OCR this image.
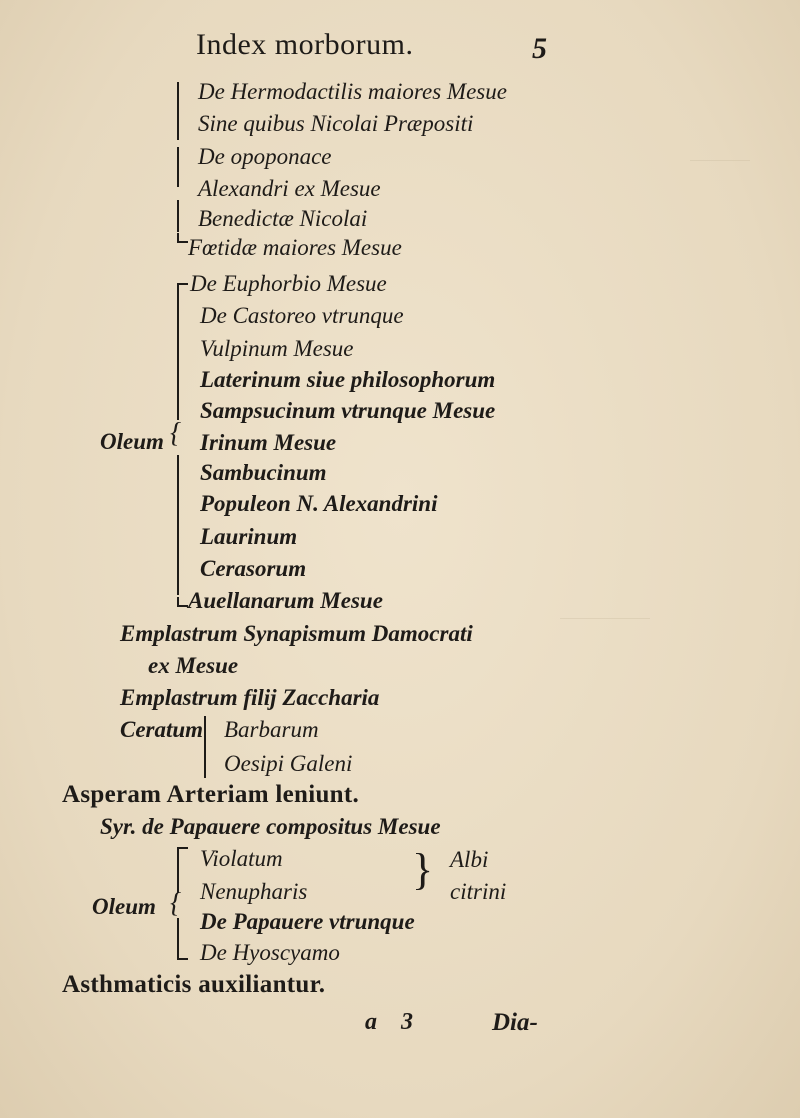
Index morborum.	5
De Hermodactilis maiores Mesue
Sine quibus Nicolai Præpositi
De opoponace
Alexandri ex Mesue
Benedictæ Nicolai
Fœtidæ maiores Mesue
{
Oleum
De Euphorbio Mesue
De Castoreo vtrunque
Vulpinum Mesue
Laterinum siue philosophorum
Sampsucinum vtrunque Mesue
Irinum Mesue
Sambucinum
Populeon N. Alexandrini
Laurinum
Cerasorum
Auellanarum Mesue
Emplastrum Synapismum Damocrati
ex Mesue
Emplastrum filij Zaccharia
Ceratum Barbarum
Oesipi Galeni
Asperam Arteriam leniunt.
Syr. de Papauere compositus Mesue
{
Oleum
Violatum
Nenupharis
De Papauere vtrunque
De Hyoscyamo
} Albi
citrini
Asthmaticis auxiliantur.
a 3	Dia-
